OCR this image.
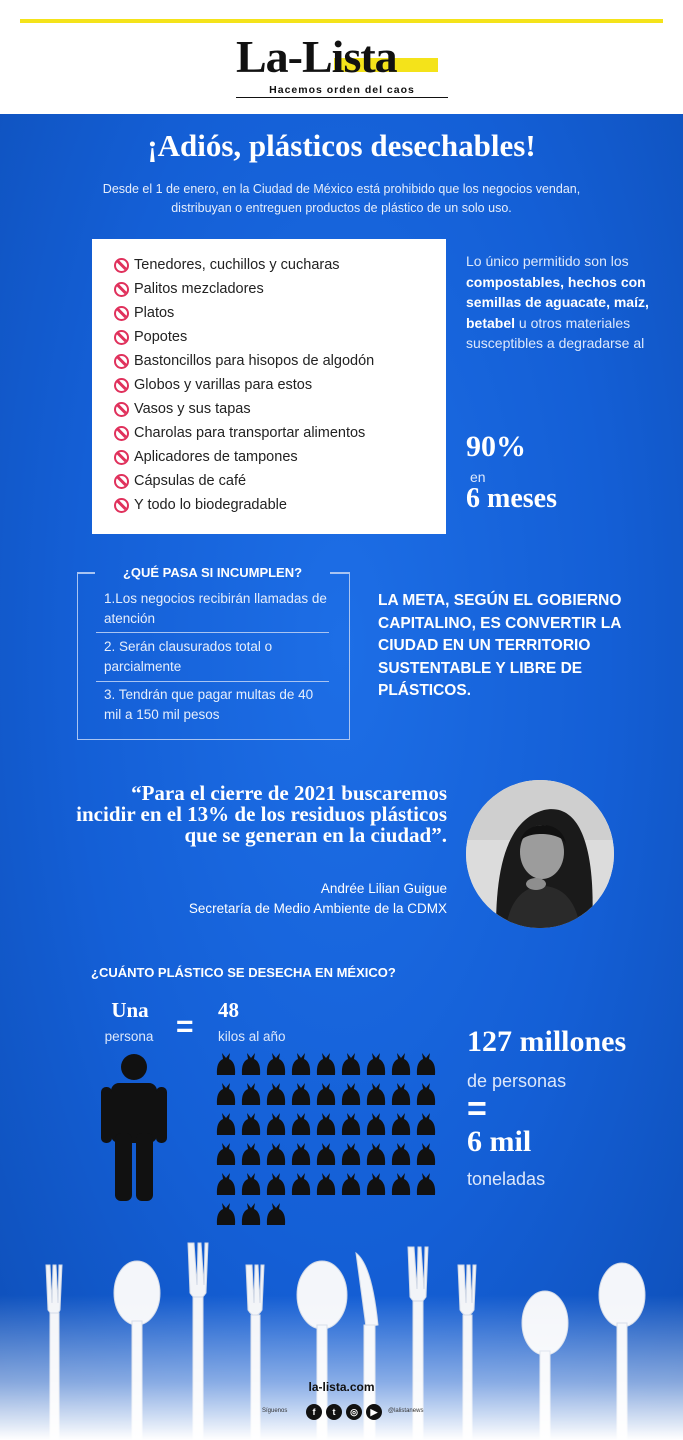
La-Lista
Hacemos orden del caos
¡Adiós, plásticos desechables!
Desde el 1 de enero, en la Ciudad de México está prohibido que los negocios vendan, distribuyan o entreguen productos de plástico de un solo uso.
Tenedores, cuchillos y cucharas
Palitos mezcladores
Platos
Popotes
Bastoncillos para hisopos de algodón
Globos y varillas para estos
Vasos y sus tapas
Charolas para transportar alimentos
Aplicadores de tampones
Cápsulas de café
Y todo lo biodegradable
Lo único permitido son los compostables, hechos con semillas de aguacate, maíz, betabel u otros materiales susceptibles a degradarse al
90%
en
6 meses
¿QUÉ PASA SI INCUMPLEN?
1.Los negocios recibirán llamadas de atención
2. Serán clausurados total o parcialmente
3. Tendrán que pagar multas de 40 mil a 150 mil pesos
LA META, SEGÚN EL GOBIERNO CAPITALINO, ES CONVERTIR LA CIUDAD EN UN TERRITORIO SUSTENTABLE Y LIBRE DE PLÁSTICOS.
“Para el cierre de 2021 buscaremos incidir en el 13% de los residuos plásticos que se generan en la ciudad”.
Andrée Lilian Guigue
Secretaría de Medio Ambiente de la CDMX
¿CUÁNTO PLÁSTICO SE DESECHA EN MÉXICO?
Una
persona = 48
kilos al año	127 millones
de personas
=
6 mil
toneladas
la-lista.com
Síguenos	f	t	◎	▶	@lalistanews
